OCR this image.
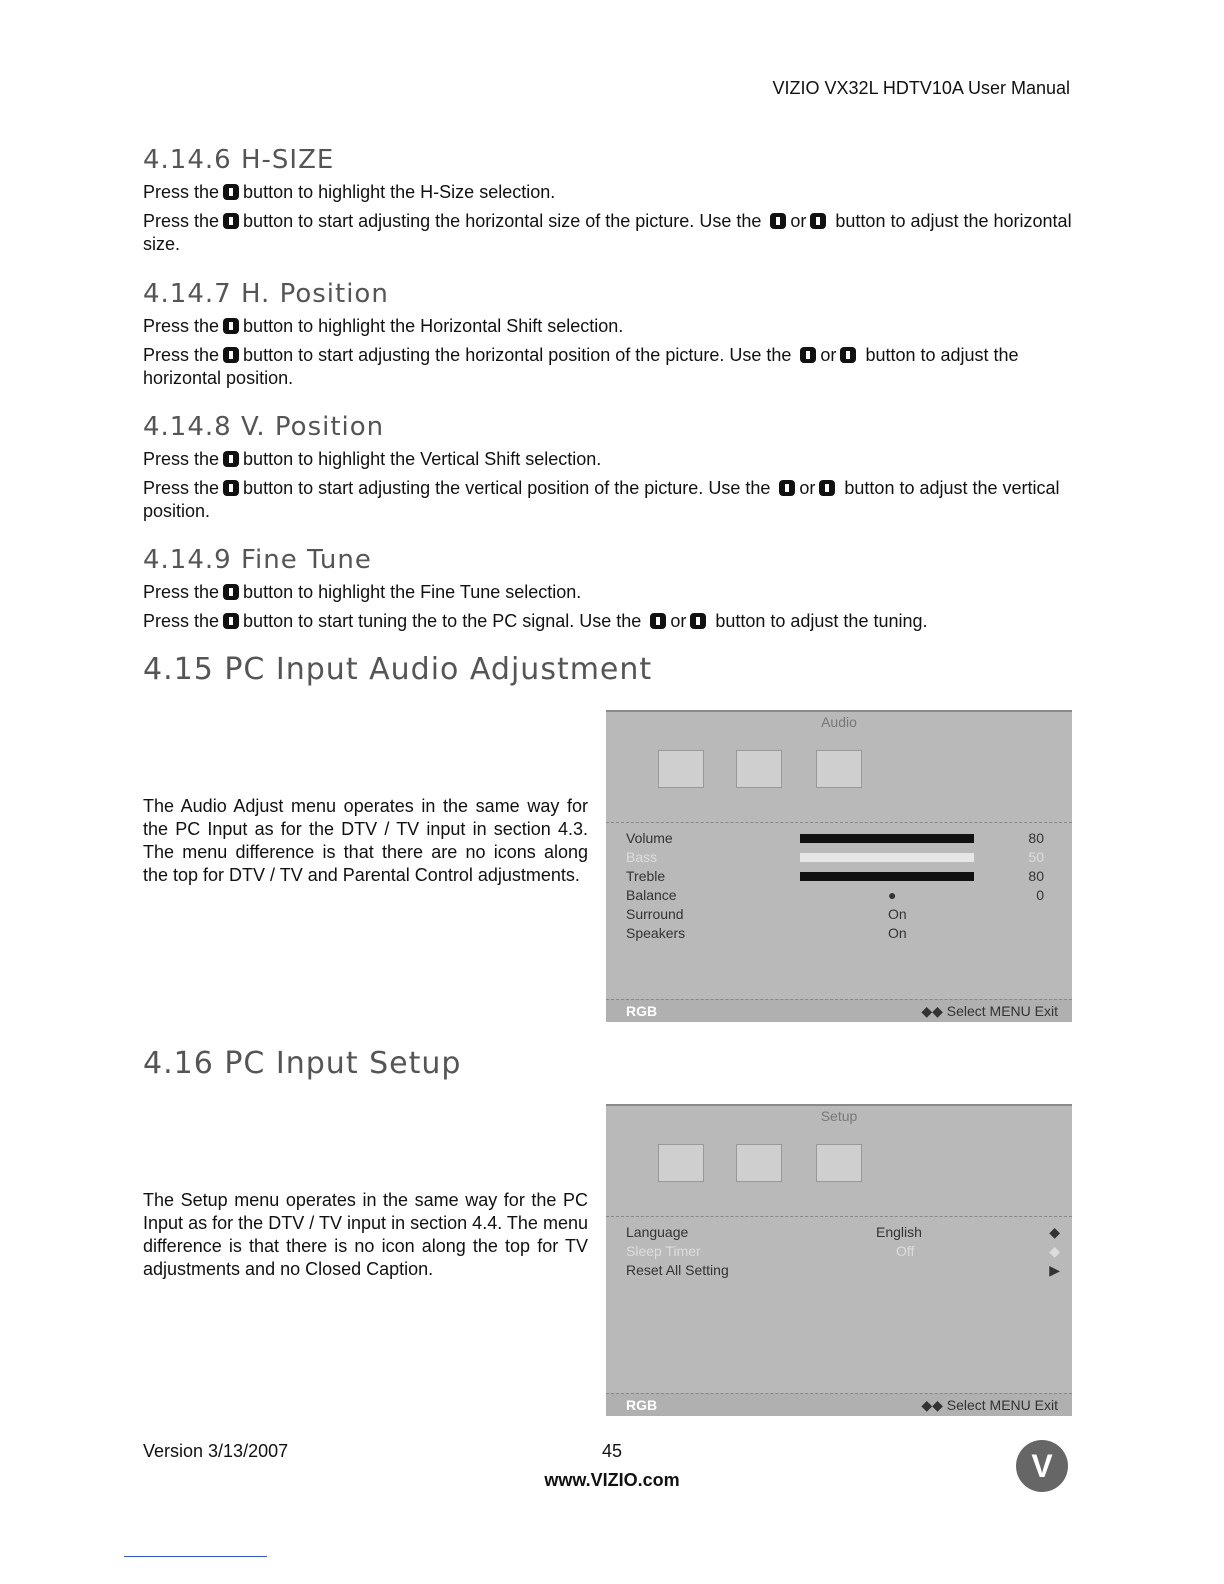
VIZIO VX32L HDTV10A User Manual
4.14.6 H-SIZE

Press the button to highlight the H-Size selection.

Press the button to start adjusting the horizontal size of the picture. Use the or button to adjust the horizontal size.

4.14.7 H. Position

Press the button to highlight the Horizontal Shift selection.

Press the button to start adjusting the horizontal position of the picture. Use the or button to adjust the horizontal position.

4.14.8 V. Position

Press the button to highlight the Vertical Shift selection.

Press the button to start adjusting the vertical position of the picture. Use the or button to adjust the vertical position.

4.14.9 Fine Tune

Press the button to highlight the Fine Tune selection.

Press the button to start tuning the to the PC signal. Use the or button to adjust the tuning.

4.15 PC Input Audio Adjustment
The Audio Adjust menu operates in the same way for the PC Input as for the DTV / TV input in section 4.3. The menu difference is that there are no icons along the top for DTV / TV and Parental Control adjustments.
Audio
Volume	80
Bass	50
Treble	80
Balance	●	0
Surround	On
Speakers	On
RGB	◆◆ Select MENU Exit
4.16 PC Input Setup
The Setup menu operates in the same way for the PC Input as for the DTV / TV input in section 4.4. The menu difference is that there is no icon along the top for TV adjustments and no Closed Caption.
Setup
Language	English	◆
Sleep Timer	Off	◆
Reset All Setting	▶
RGB	◆◆ Select MENU Exit
Version 3/13/2007	45
www.VIZIO.com	V
